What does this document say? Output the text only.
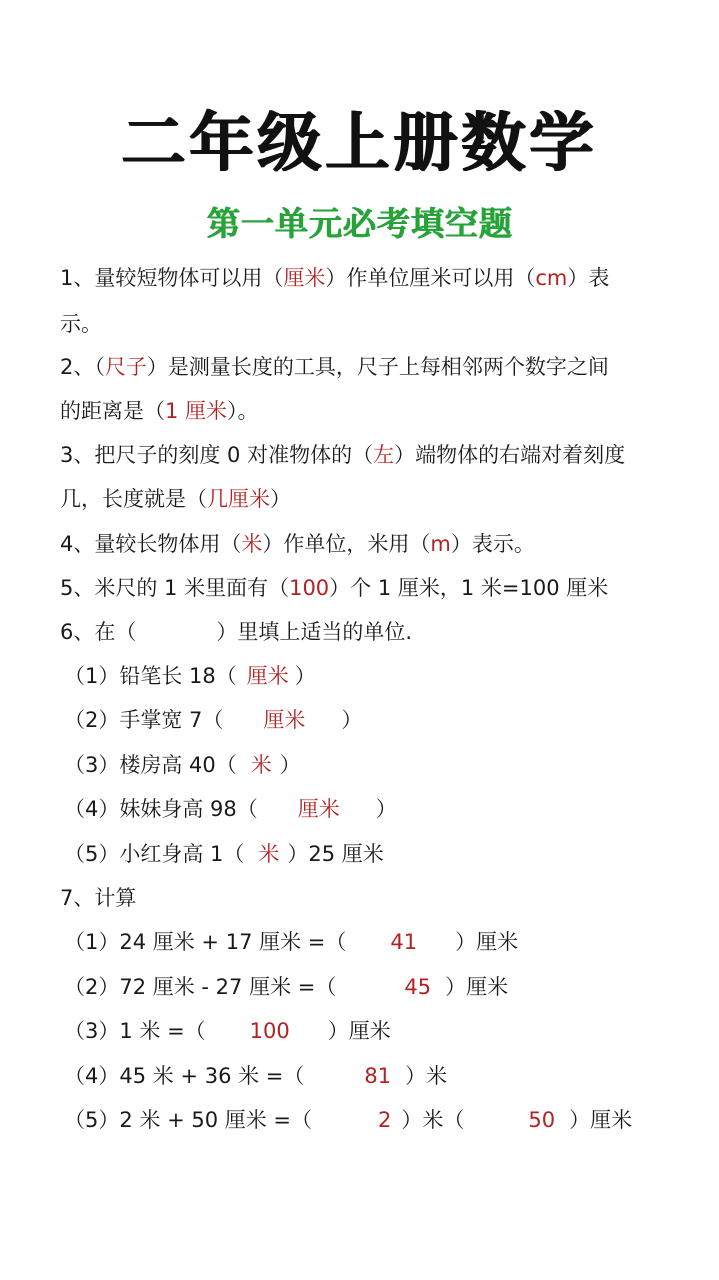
二年级上册数学
第一单元必考填空题
1、量较短物体可以用（厘米）作单位厘米可以用（cm）表
示。
2、（尺子）是测量长度的工具，尺子上每相邻两个数字之间
的距离是（1 厘米）。
3、把尺子的刻度 0 对准物体的（左）端物体的右端对着刻度
几，长度就是（几厘米）
4、量较长物体用（米）作单位，米用（m）表示。
5、米尺的 1 米里面有（100）个 1 厘米，1 米=100 厘米
6、在（	）里填上适当的单位.
（1）铅笔长 18（ 厘米 ）
（2）手掌宽 7（ 厘米 ）
（3）楼房高 40（ 米 ）
（4）妹妹身高 98（ 厘米 ）
（5）小红身高 1（ 米 ）25 厘米
7、计算
（1）24 厘米 + 17 厘米 =（ 41 ）厘米
（2）72 厘米 - 27 厘米 =（	45 ）厘米
（3）1 米 =（ 100 ）厘米
（4）45 米 + 36 米 =（	81 ）米
（5）2 米 + 50 厘米 =（	2 ）米（	50 ）厘米
